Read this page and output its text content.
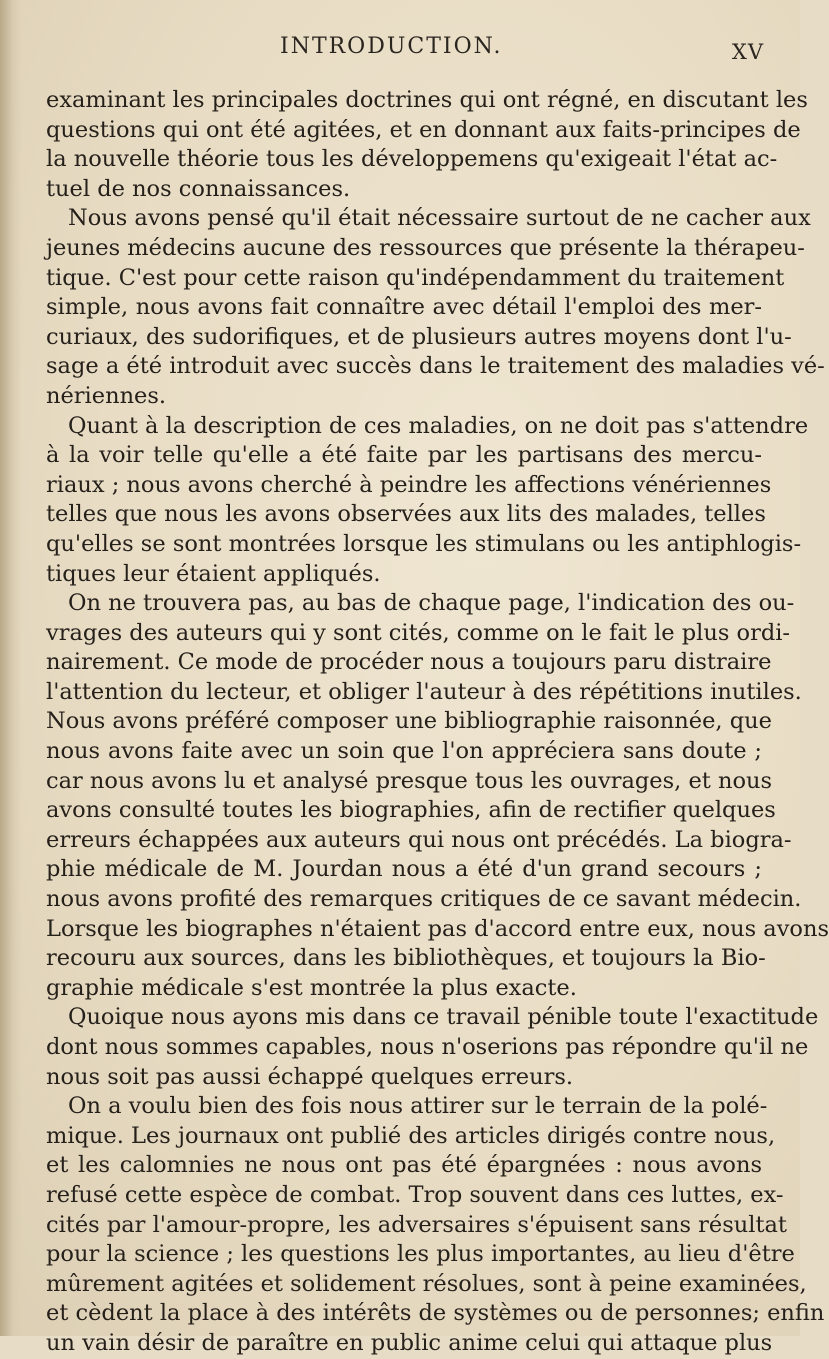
INTRODUCTION.	XV
examinant les principales doctrines qui ont régné, en discutant les
questions qui ont été agitées, et en donnant aux faits-principes de
la nouvelle théorie tous les développemens qu'exigeait l'état ac-
tuel de nos connaissances.
Nous avons pensé qu'il était nécessaire surtout de ne cacher aux
jeunes médecins aucune des ressources que présente la thérapeu-
tique. C'est pour cette raison qu'indépendamment du traitement
simple, nous avons fait connaître avec détail l'emploi des mer-
curiaux, des sudorifiques, et de plusieurs autres moyens dont l'u-
sage a été introduit avec succès dans le traitement des maladies vé-
nériennes.
Quant à la description de ces maladies, on ne doit pas s'attendre
à la voir telle qu'elle a été faite par les partisans des mercu-
riaux ; nous avons cherché à peindre les affections vénériennes
telles que nous les avons observées aux lits des malades, telles
qu'elles se sont montrées lorsque les stimulans ou les antiphlogis-
tiques leur étaient appliqués.
On ne trouvera pas, au bas de chaque page, l'indication des ou-
vrages des auteurs qui y sont cités, comme on le fait le plus ordi-
nairement. Ce mode de procéder nous a toujours paru distraire
l'attention du lecteur, et obliger l'auteur à des répétitions inutiles.
Nous avons préféré composer une bibliographie raisonnée, que
nous avons faite avec un soin que l'on appréciera sans doute ;
car nous avons lu et analysé presque tous les ouvrages, et nous
avons consulté toutes les biographies, afin de rectifier quelques
erreurs échappées aux auteurs qui nous ont précédés. La biogra-
phie médicale de M. Jourdan nous a été d'un grand secours ;
nous avons profité des remarques critiques de ce savant médecin.
Lorsque les biographes n'étaient pas d'accord entre eux, nous avons
recouru aux sources, dans les bibliothèques, et toujours la Bio-
graphie médicale s'est montrée la plus exacte.
Quoique nous ayons mis dans ce travail pénible toute l'exactitude
dont nous sommes capables, nous n'oserions pas répondre qu'il ne
nous soit pas aussi échappé quelques erreurs.
On a voulu bien des fois nous attirer sur le terrain de la polé-
mique. Les journaux ont publié des articles dirigés contre nous,
et les calomnies ne nous ont pas été épargnées : nous avons
refusé cette espèce de combat. Trop souvent dans ces luttes, ex-
cités par l'amour-propre, les adversaires s'épuisent sans résultat
pour la science ; les questions les plus importantes, au lieu d'être
mûrement agitées et solidement résolues, sont à peine examinées,
et cèdent la place à des intérêts de systèmes ou de personnes; enfin
un vain désir de paraître en public anime celui qui attaque plus
